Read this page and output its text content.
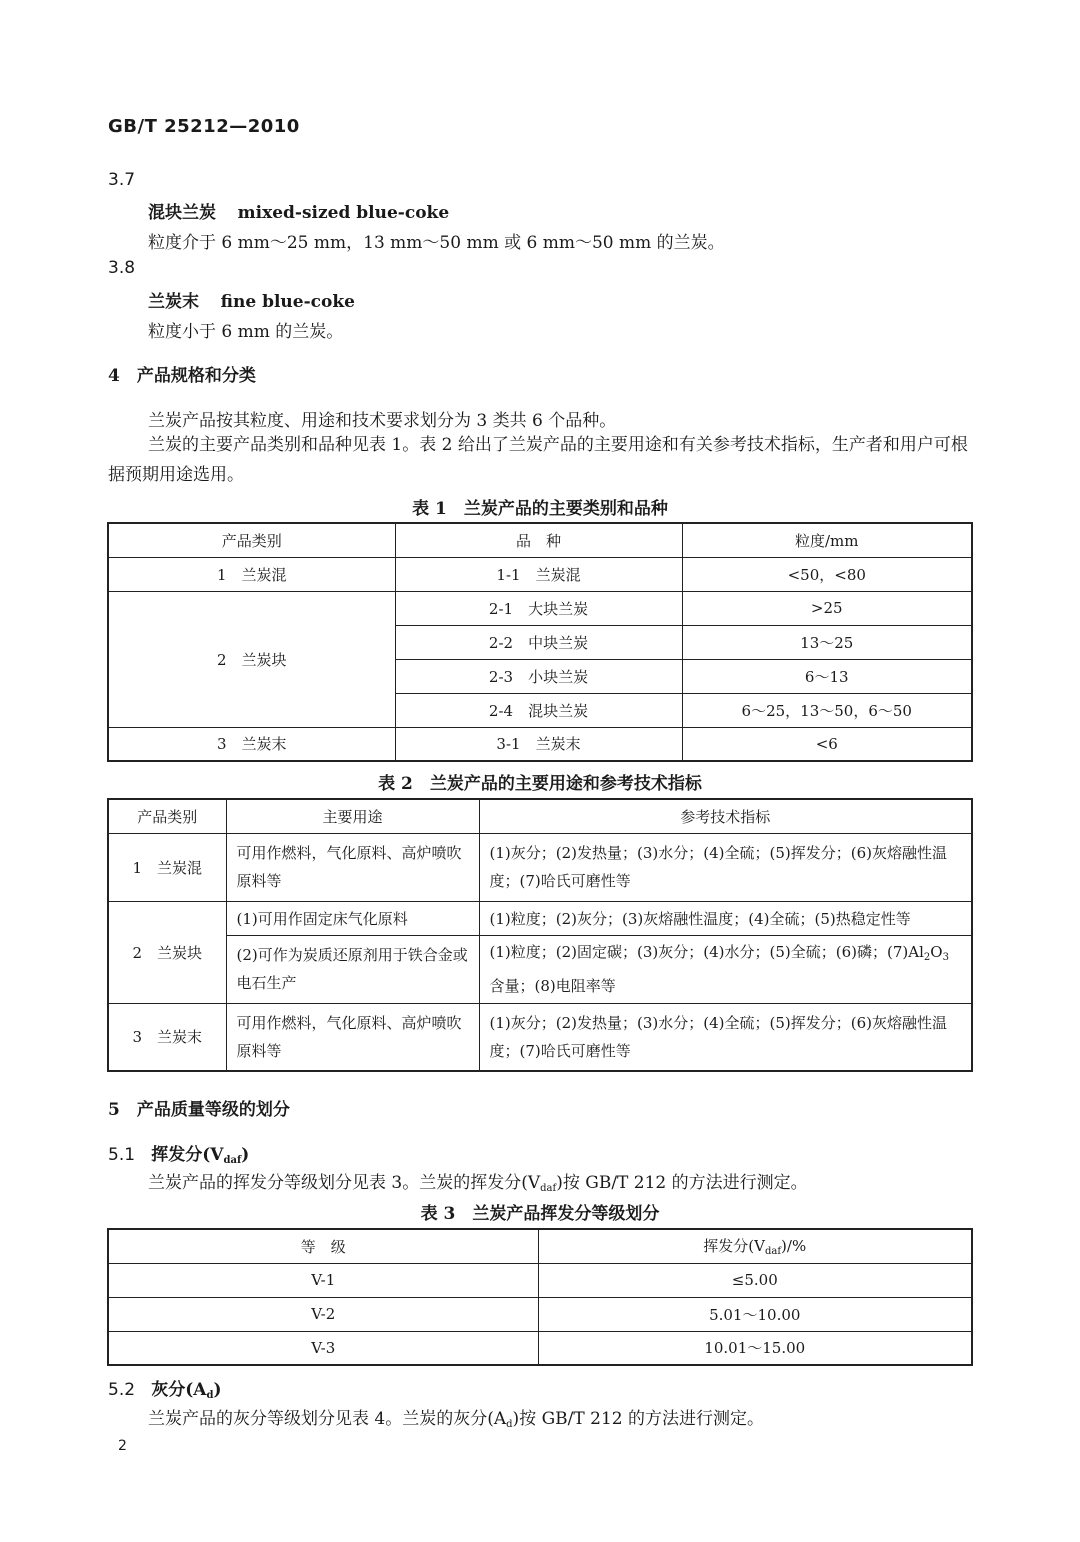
GB/T 25212—2010
3.7
混块兰炭 mixed-sized blue-coke
粒度介于 6 mm～25 mm，13 mm～50 mm 或 6 mm～50 mm 的兰炭。
3.8
兰炭末 fine blue-coke
粒度小于 6 mm 的兰炭。
4　产品规格和分类
兰炭产品按其粒度、用途和技术要求划分为 3 类共 6 个品种。
兰炭的主要产品类别和品种见表 1。表 2 给出了兰炭产品的主要用途和有关参考技术指标，生产者和用户可根据预期用途选用。
表 1　兰炭产品的主要类别和品种
产品类别	品　种	粒度/mm
1　兰炭混	1-1　兰炭混	<50，<80
2　兰炭块	2-1　大块兰炭	>25
	2-2　中块兰炭	13～25
	2-3　小块兰炭	6～13
	2-4　混块兰炭	6～25，13～50，6～50
3　兰炭末	3-1　兰炭末	<6
表 2　兰炭产品的主要用途和参考技术指标
产品类别	主要用途	参考技术指标
1　兰炭混	可用作燃料，气化原料、高炉喷吹原料等	(1)灰分；(2)发热量；(3)水分；(4)全硫；(5)挥发分；(6)灰熔融性温度；(7)哈氏可磨性等
2　兰炭块	(1)可用作固定床气化原料	(1)粒度；(2)灰分；(3)灰熔融性温度；(4)全硫；(5)热稳定性等
	(2)可作为炭质还原剂用于铁合金或电石生产	(1)粒度；(2)固定碳；(3)灰分；(4)水分；(5)全硫；(6)磷；$(7)Al_2O_3$ 含量；(8)电阻率等
3　兰炭末	可用作燃料，气化原料、高炉喷吹原料等	(1)灰分；(2)发热量；(3)水分；(4)全硫；(5)挥发分；(6)灰熔融性温度；(7)哈氏可磨性等
5　产品质量等级的划分
5.1 挥发分$(V_{daf})$
兰炭产品的挥发分等级划分见表 3。兰炭的挥发分$(V_{daf})$按 GB/T 212 的方法进行测定。
表 3　兰炭产品挥发分等级划分
等　级	挥发分$(V_{daf})/\%$
V-1	≤5.00
V-2	5.01～10.00
V-3	10.01～15.00
5.2 灰分$(A_d)$
兰炭产品的灰分等级划分见表 4。兰炭的灰分$(A_d)$按 GB/T 212 的方法进行测定。
2
